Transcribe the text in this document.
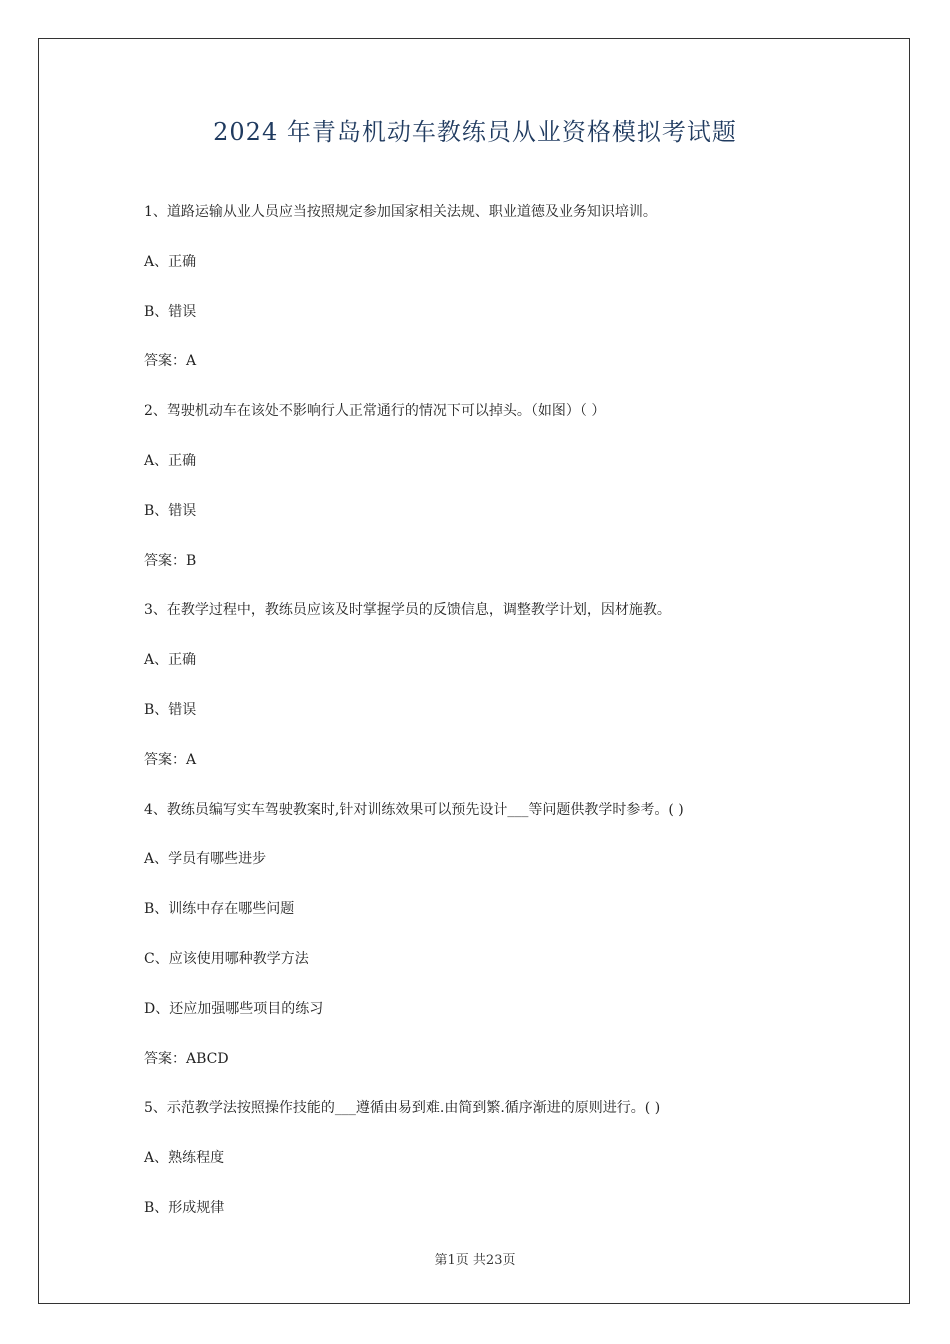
2024 年青岛机动车教练员从业资格模拟考试题
1、道路运输从业人员应当按照规定参加国家相关法规、职业道德及业务知识培训。
A、正确
B、错误
答案：A
2、驾驶机动车在该处不影响行人正常通行的情况下可以掉头。（如图）（ ）
A、正确
B、错误
答案：B
3、在教学过程中，教练员应该及时掌握学员的反馈信息，调整教学计划，因材施教。
A、正确
B、错误
答案：A
4、教练员编写实车驾驶教案时,针对训练效果可以预先设计___等问题供教学时参考。( )
A、学员有哪些进步
B、训练中存在哪些问题
C、应该使用哪种教学方法
D、还应加强哪些项目的练习
答案：ABCD
5、示范教学法按照操作技能的___遵循由易到难.由简到繁.循序渐进的原则进行。( )
A、熟练程度
B、形成规律
第1页 共23页
